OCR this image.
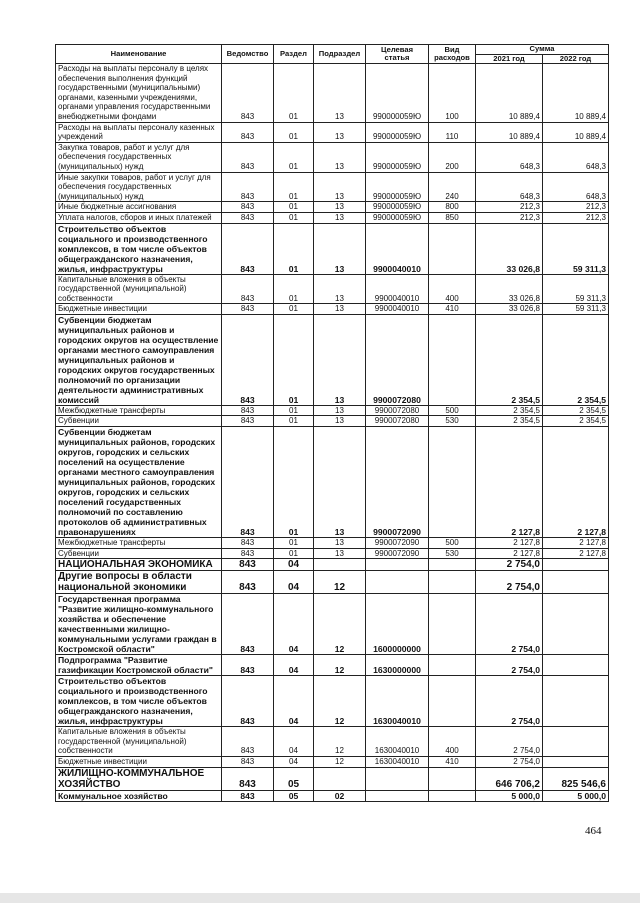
Наименование	Ведомство	Раздел	Подраздел	Целевая статья	Вид расходов	Сумма	
						2021 год	2022 год
Расходы на выплаты персоналу в целях обеспечения выполнения функций государственными (муниципальными) органами, казенными учреждениями, органами управления государственными внебюджетными фондами	843	01	13	990000059Ю	100	10 889,4	10 889,4
Расходы на выплаты персоналу казенных учреждений	843	01	13	990000059Ю	110	10 889,4	10 889,4
Закупка товаров, работ и услуг для обеспечения государственных (муниципальных) нужд	843	01	13	990000059Ю	200	648,3	648,3
Иные закупки товаров, работ и услуг для обеспечения государственных (муниципальных) нужд	843	01	13	990000059Ю	240	648,3	648,3
Иные бюджетные ассигнования	843	01	13	990000059Ю	800	212,3	212,3
Уплата налогов, сборов и иных платежей	843	01	13	990000059Ю	850	212,3	212,3
Строительство объектов социального и производственного комплексов, в том числе объектов общегражданского назначения, жилья, инфраструктуры	843	01	13	9900040010		33 026,8	59 311,3
Капитальные вложения в объекты государственной (муниципальной) собственности	843	01	13	9900040010	400	33 026,8	59 311,3
Бюджетные инвестиции	843	01	13	9900040010	410	33 026,8	59 311,3
Субвенции бюджетам муниципальных районов и городских округов на осуществление органами местного самоуправления муниципальных районов и городских округов государственных полномочий по организации деятельности административных комиссий	843	01	13	9900072080		2 354,5	2 354,5
Межбюджетные трансферты	843	01	13	9900072080	500	2 354,5	2 354,5
Субвенции	843	01	13	9900072080	530	2 354,5	2 354,5
Субвенции бюджетам муниципальных районов, городских округов, городских и сельских поселений на осуществление органами местного самоуправления муниципальных районов, городских округов, городских и сельских поселений государственных полномочий по составлению протоколов об административных правонарушениях	843	01	13	9900072090		2 127,8	2 127,8
Межбюджетные трансферты	843	01	13	9900072090	500	2 127,8	2 127,8
Субвенции	843	01	13	9900072090	530	2 127,8	2 127,8
НАЦИОНАЛЬНАЯ ЭКОНОМИКА	843	04				2 754,0	
Другие вопросы в области национальной экономики	843	04	12			2 754,0	
Государственная программа "Развитие жилищно-коммунального хозяйства и обеспечение качественными жилищно-коммунальными услугами граждан в Костромской области"	843	04	12	1600000000		2 754,0	
Подпрограмма "Развитие газификации Костромской области"	843	04	12	1630000000		2 754,0	
Строительство объектов социального и производственного комплексов, в том числе объектов общегражданского назначения, жилья, инфраструктуры	843	04	12	1630040010		2 754,0	
Капитальные вложения в объекты государственной (муниципальной) собственности	843	04	12	1630040010	400	2 754,0	
Бюджетные инвестиции	843	04	12	1630040010	410	2 754,0	
ЖИЛИЩНО-КОММУНАЛЬНОЕ ХОЗЯЙСТВО	843	05				646 706,2	825 546,6
Коммунальное хозяйство	843	05	02			5 000,0	5 000,0
464
